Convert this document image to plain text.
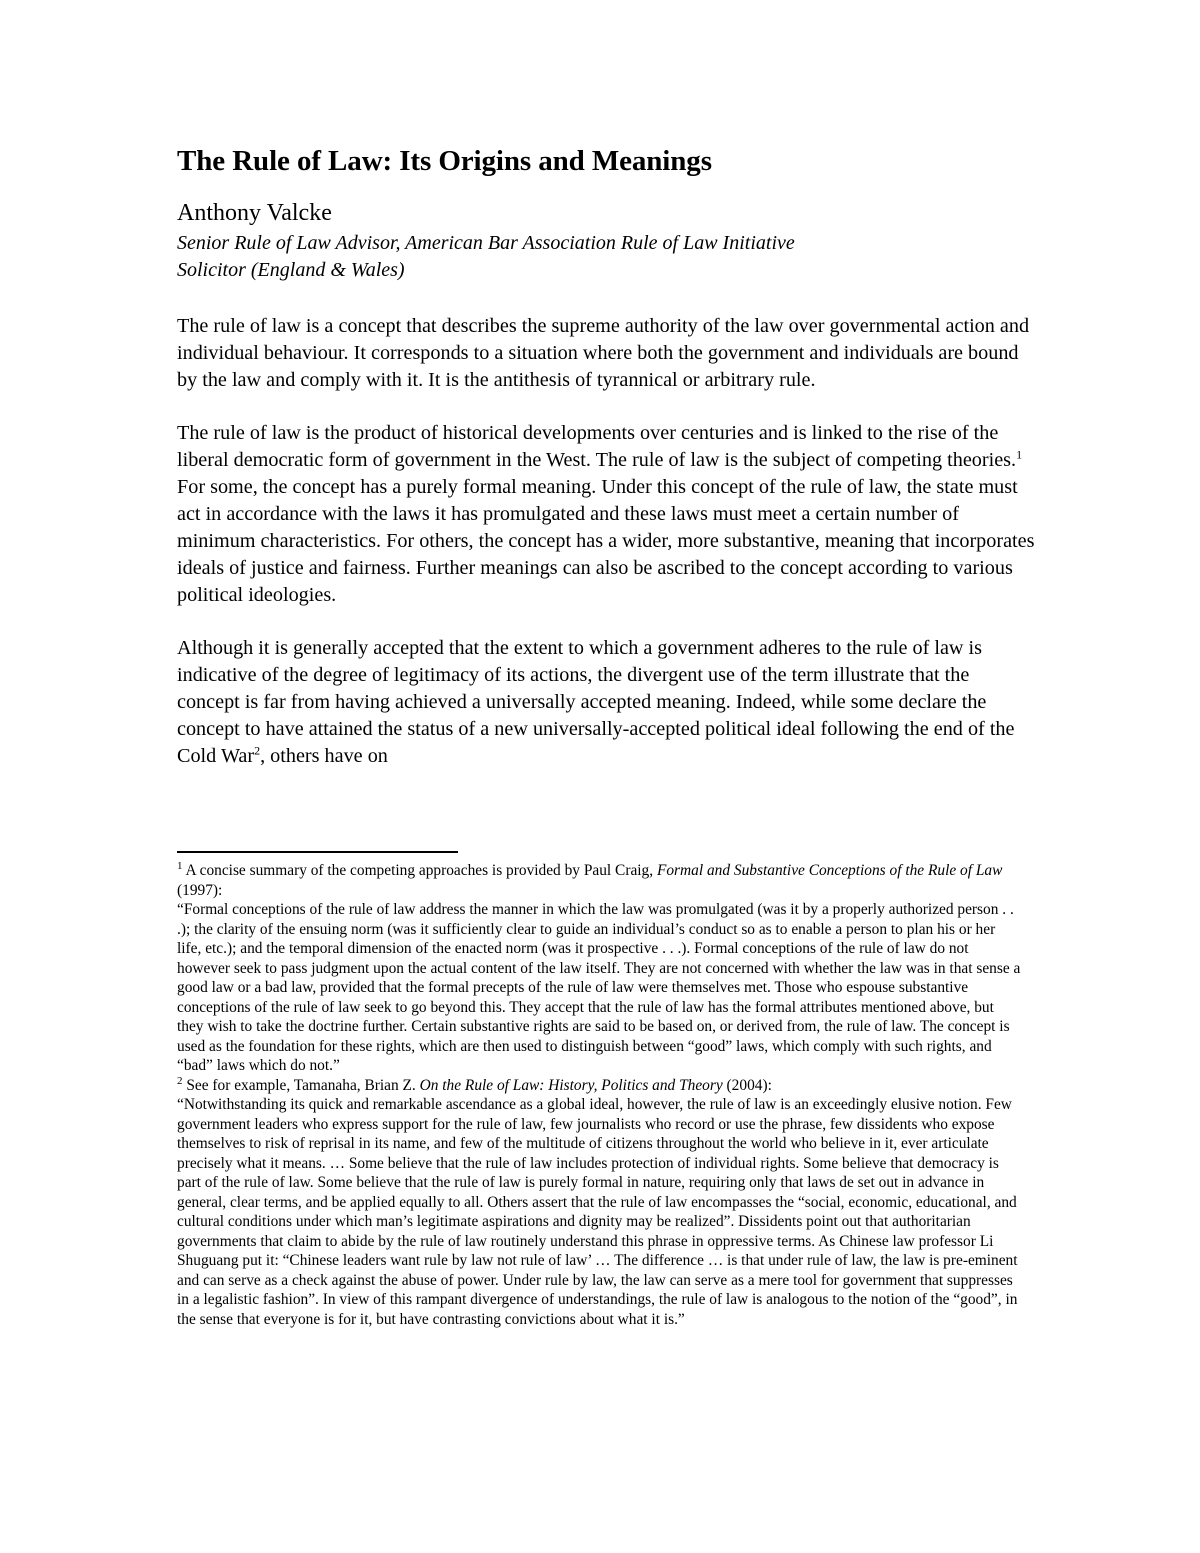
The Rule of Law: Its Origins and Meanings
Anthony Valcke
Senior Rule of Law Advisor, American Bar Association Rule of Law Initiative
Solicitor (England & Wales)

The rule of law is a concept that describes the supreme authority of the law over governmental action and individual behaviour. It corresponds to a situation where both the government and individuals are bound by the law and comply with it. It is the antithesis of tyrannical or arbitrary rule.

The rule of law is the product of historical developments over centuries and is linked to the rise of the liberal democratic form of government in the West. The rule of law is the subject of competing theories.$^1$ For some, the concept has a purely formal meaning. Under this concept of the rule of law, the state must act in accordance with the laws it has promulgated and these laws must meet a certain number of minimum characteristics. For others, the concept has a wider, more substantive, meaning that incorporates ideals of justice and fairness. Further meanings can also be ascribed to the concept according to various political ideologies.

Although it is generally accepted that the extent to which a government adheres to the rule of law is indicative of the degree of legitimacy of its actions, the divergent use of the term illustrate that the concept is far from having achieved a universally accepted meaning. Indeed, while some declare the concept to have attained the status of a new universally-accepted political ideal following the end of the Cold War$^2$, others have on

$^1$ A concise summary of the competing approaches is provided by Paul Craig, Formal and Substantive Conceptions of the Rule of Law (1997):

“Formal conceptions of the rule of law address the manner in which the law was promulgated (was it by a properly authorized person . . .); the clarity of the ensuing norm (was it sufficiently clear to guide an individual’s conduct so as to enable a person to plan his or her life, etc.); and the temporal dimension of the enacted norm (was it prospective . . .). Formal conceptions of the rule of law do not however seek to pass judgment upon the actual content of the law itself. They are not concerned with whether the law was in that sense a good law or a bad law, provided that the formal precepts of the rule of law were themselves met. Those who espouse substantive conceptions of the rule of law seek to go beyond this. They accept that the rule of law has the formal attributes mentioned above, but they wish to take the doctrine further. Certain substantive rights are said to be based on, or derived from, the rule of law. The concept is used as the foundation for these rights, which are then used to distinguish between “good” laws, which comply with such rights, and “bad” laws which do not.”

$^2$ See for example, Tamanaha, Brian Z. On the Rule of Law: History, Politics and Theory (2004):

“Notwithstanding its quick and remarkable ascendance as a global ideal, however, the rule of law is an exceedingly elusive notion. Few government leaders who express support for the rule of law, few journalists who record or use the phrase, few dissidents who expose themselves to risk of reprisal in its name, and few of the multitude of citizens throughout the world who believe in it, ever articulate precisely what it means. … Some believe that the rule of law includes protection of individual rights. Some believe that democracy is part of the rule of law. Some believe that the rule of law is purely formal in nature, requiring only that laws de set out in advance in general, clear terms, and be applied equally to all. Others assert that the rule of law encompasses the “social, economic, educational, and cultural conditions under which man’s legitimate aspirations and dignity may be realized”. Dissidents point out that authoritarian governments that claim to abide by the rule of law routinely understand this phrase in oppressive terms. As Chinese law professor Li Shuguang put it: “Chinese leaders want rule by law not rule of law’ … The difference … is that under rule of law, the law is pre-eminent and can serve as a check against the abuse of power. Under rule by law, the law can serve as a mere tool for government that suppresses in a legalistic fashion”. In view of this rampant divergence of understandings, the rule of law is analogous to the notion of the “good”, in the sense that everyone is for it, but have contrasting convictions about what it is.”
